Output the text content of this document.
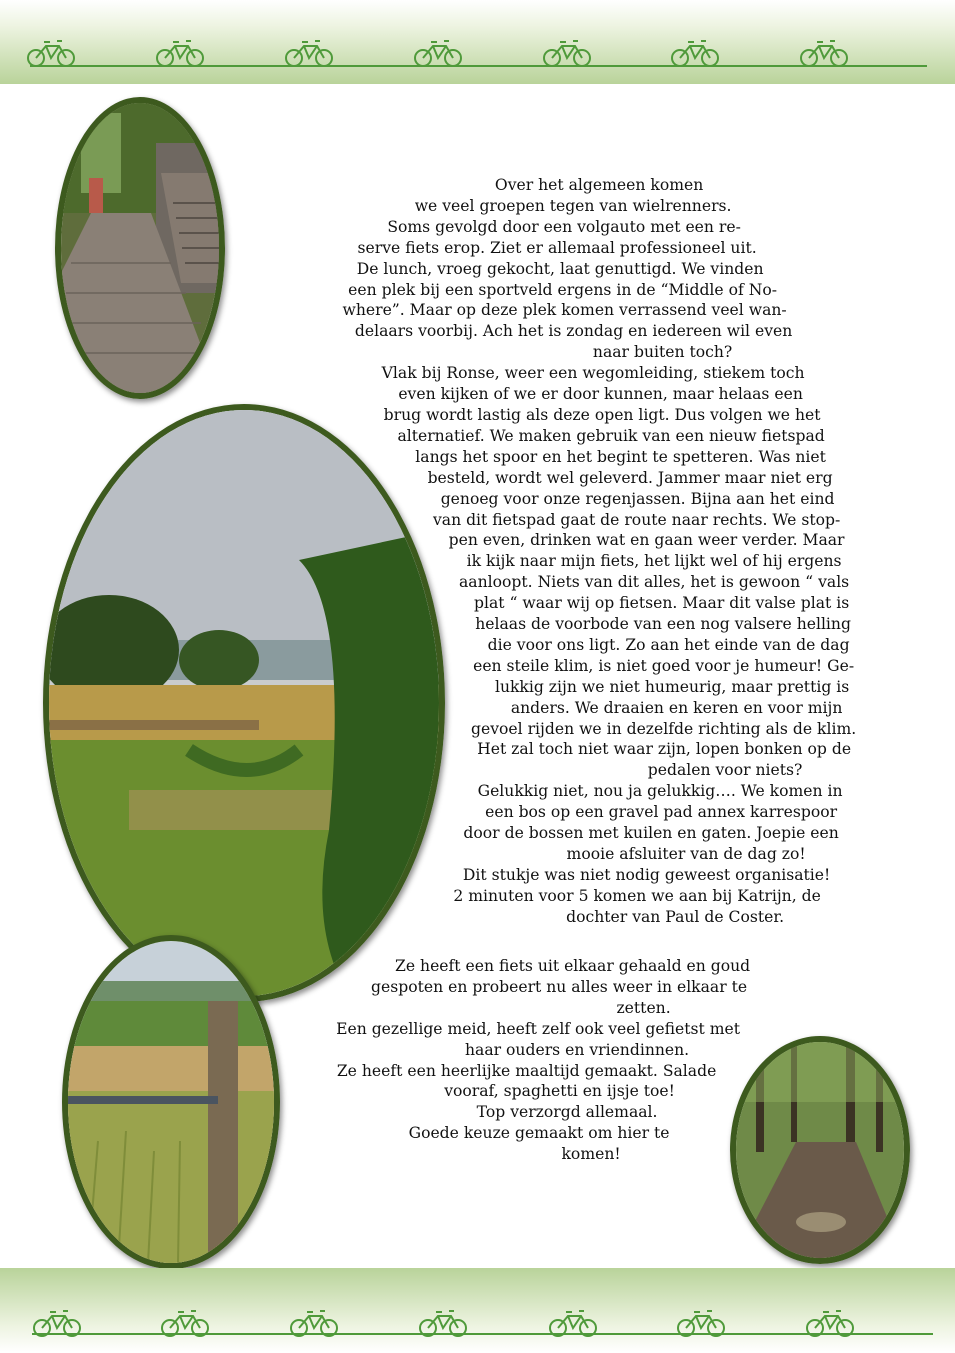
Over het algemeen komen
we veel groepen tegen van wielrenners.
Soms gevolgd door een volgauto met een re-
serve fiets erop. Ziet er allemaal professioneel uit.
De lunch, vroeg gekocht, laat genuttigd. We vinden
een plek bij een sportveld ergens in de “Middle of No-
where”. Maar op deze plek komen verrassend veel wan-
delaars voorbij. Ach het is zondag en iedereen wil even
naar buiten toch?
Vlak bij Ronse, weer een wegomleiding, stiekem toch
even kijken of we er door kunnen, maar helaas een
brug wordt lastig als deze open ligt. Dus volgen we het
alternatief. We maken gebruik van een nieuw fietspad
langs het spoor en het begint te spetteren. Was niet
besteld, wordt wel geleverd. Jammer maar niet erg
genoeg voor onze regenjassen. Bijna aan het eind
van dit fietspad gaat de route naar rechts. We stop-
pen even, drinken wat en gaan weer verder. Maar
ik kijk naar mijn fiets, het lijkt wel of hij ergens
aanloopt. Niets van dit alles, het is gewoon “ vals
plat “ waar wij op fietsen. Maar dit valse plat is
helaas de voorbode van een nog valsere helling
die voor ons ligt. Zo aan het einde van de dag
een steile klim, is niet goed voor je humeur! Ge-
lukkig zijn we niet humeurig, maar prettig is
anders. We draaien en keren en voor mijn
gevoel rijden we in dezelfde richting als de klim.
Het zal toch niet waar zijn, lopen bonken op de
pedalen voor niets?
Gelukkig niet, nou ja gelukkig…. We komen in
een bos op een gravel pad annex karrespoor
door de bossen met kuilen en gaten. Joepie een
mooie afsluiter van de dag zo!
Dit stukje was niet nodig geweest organisatie!
2 minuten voor 5 komen we aan bij Katrijn, de
dochter van Paul de Coster.
Ze heeft een fiets uit elkaar gehaald en goud
gespoten en probeert nu alles weer in elkaar te
zetten.
Een gezellige meid, heeft zelf ook veel gefietst met
haar ouders en vriendinnen.
Ze heeft een heerlijke maaltijd gemaakt. Salade
vooraf, spaghetti en ijsje toe!
Top verzorgd allemaal.
Goede keuze gemaakt om hier te
komen!
